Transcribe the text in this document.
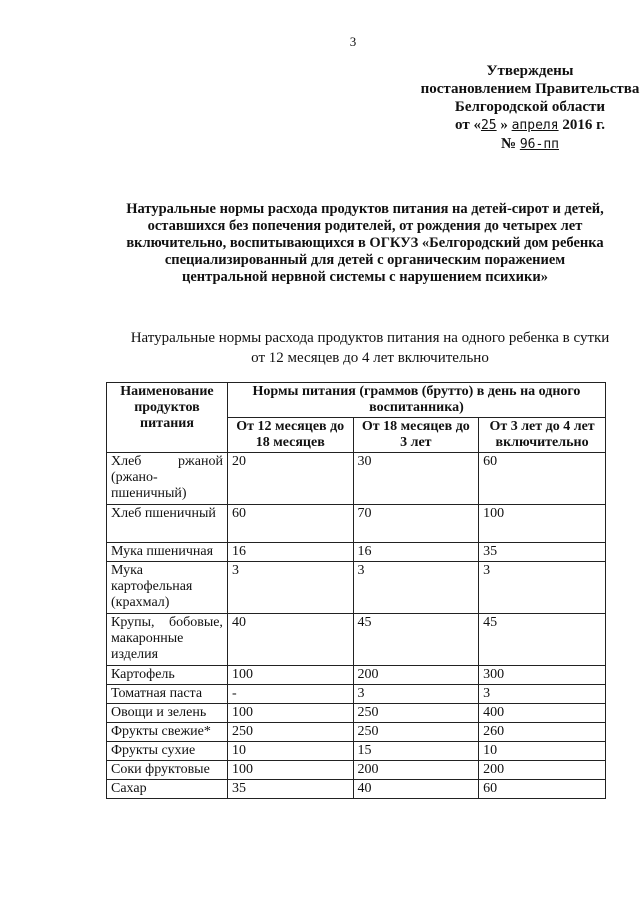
3
Утверждены
постановлением Правительства
Белгородской области
от «25 » апреля 2016 г.
№ 96-пп
Натуральные нормы расхода продуктов питания на детей-сирот и детей,
оставшихся без попечения родителей, от рождения до четырех лет
включительно, воспитывающихся в ОГКУЗ «Белгородский дом ребенка
специализированный для детей с органическим поражением
центральной нервной системы с нарушением психики»
Натуральные нормы расхода продуктов питания на одного ребенка в сутки
от 12 месяцев до 4 лет включительно
Наименование продуктов питания	Нормы питания (граммов (брутто) в день на одного воспитанника)		
	От 12 месяцев до 18 месяцев	От 18 месяцев до 3 лет	От 3 лет до 4 лет включительно
Хлеб ржаной (ржано-пшеничный)	20	30	60
Хлеб пшеничный	60	70	100
Мука пшеничная	16	16	35
Мука картофельная (крахмал)	3	3	3
Крупы, бобовые, макаронные изделия	40	45	45
Картофель	100	200	300
Томатная паста	-	3	3
Овощи и зелень	100	250	400
Фрукты свежие*	250	250	260
Фрукты сухие	10	15	10
Соки фруктовые	100	200	200
Сахар	35	40	60
